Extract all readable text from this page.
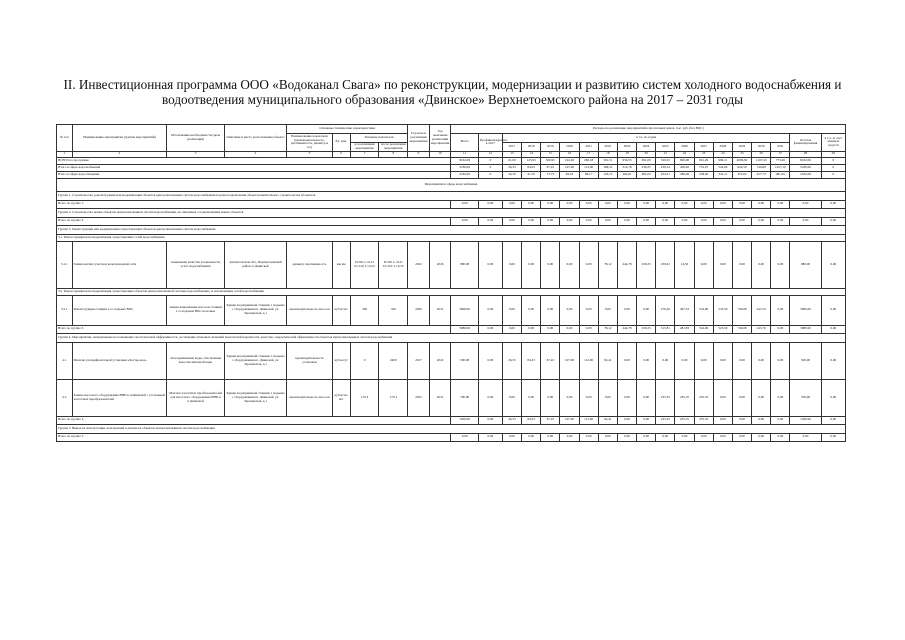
II. Инвестиционная программа ООО «Водоканал Свага» по реконструкции, модернизации и развитию систем холодного водоснабжения и
водоотведения муниципального образования «Двинское» Верхнетоемского района на 2017 – 2031 годы
№ п/п	Наименование мероприятия (группы мероприятий)	Обоснование необходимости (цель реализации)	Описание и место расположения объекта	Основные технические характеристики				Год начала реализации мероприятия	Год окончания реализации мероприятия	Расходы на реализацию мероприятий в прогнозных ценах, тыс. руб. (без НДС)																		
				Наименование показателя (производительность, протяженность, диаметр и т.п.)	Ед. изм.	Значение показателя				Всего	Профинансировано к 2017	в т.ч. по годам															Остаток финансирования	в т.ч. за счет заемных средств
						до реализации мероприятия	после реализации мероприятия					2017	2018	2019	2020	2021	2022	2023	2024	2025	2026	2027	2028	2029	2030	2031		
1	2	3	4	5	6	7	8	9	10	11	12	13	14	15	16	17	18	19	20	21	22	23	24	25	26	27	28	29
ВСЕГО по программе										8162,09	0	61,09	125,93	300,95	192,20	260,18	391,51	656,55	691,00	520,25	996,00	991,29	996,11	4096,82	1107,43	773,49	8162,09	0
Итого в сфере водоснабжения										5180,00	0	26,33	84,23	67,22	107,00	112,00	168,52	314,78	239,25	239,54	436,62	752,97	524,00	624,50	749,68	1457,10	5180,00	0
Итого в сфере водоотведения										2182,09	0	34,76	41,70	73,73	84,10	80,17	126,72	162,01	481,02	224,21	286,40	238,40	341,11	472,02	427,73	481,45	2182,09	0
Мероприятия в сфере водоснабжения																												
Группа 1. Строительство, реконструкция или модернизация объектов централизованных систем водоснабжения в целях подключения объектов капитального строительства абонентов																												
Всего по группе 1.										0,00	0,00	0,00	0,00	0,00	0,00	0,00	0,00	0,00	0,00	0,00	0,00	0,00	0,00	0,00	0,00	0,00	0,00	0,00
Группа 2. Строительство новых объектов централизованных систем водоснабжения, не связанных с подключением новых объектов																												
Всего по группе 2.										0,00	0,00	0,00	0,00	0,00	0,00	0,00	0,00	0,00	0,00	0,00	0,00	0,00	0,00	0,00	0,00	0,00	0,00	0,00
Группа 3. Реконструкция или модернизация существующих объектов централизованных систем водоснабжения																												
3.1. Реконструкция или модернизация существующих сетей водоснабжения																												
3.1.1	Замена ветхих участков водопроводной сети	повышение качества и надежности услуг водоснабжения	Архангельская обл., Верхнетоемский район, п.Двинской	диаметр протяженность	мм км	D=90; L=0,21 D=110; L=0,25	D=90; L=0,21 D=110; L=0,25	2022	2026	980,00	0,00	0,00	0,00	0,00	0,00	0,00	78,12	244,78	239,25	239,61	14,30	0,00	0,00	0,00	0,00	0,00	980,00	0,00
3.2. Реконструкция или модернизация существующих объектов централизованной системы водоснабжения, за исключением сетей водоснабжения																												
3.2.1	Реконструкция станции 1-го подъема ВОС	замена изношенных насосов станции 1-го подъема ВОС на новые	Здание водоприемной станции 1 подъема с оборудованием п. Двинской, ул. Зареченская, д.1	производительность насосов	куб.м/час	330	330	2026	2031	3000,00	0,00	0,00	0,00	0,00	0,00	0,00	0,00	0,00	0,00	276,20	467,53	524,00	523,50	749,68	245,70	0,00	3000,00	0,00
Всего по группе 3.										3980,00	0,00	0,00	0,00	0,00	0,00	0,00	78,12	244,78	239,25	515,81	481,83	524,00	523,50	749,68	245,70	0,00	3980,00	0,00
Группа 4. Мероприятия, направленные на повышение экологической эффективности, достижение плановых значений показателей надежности, качества, энергетической эффективности объектов централизованных систем водоснабжения																												
4.1	Монтаж ультрафиолетовой установки «Честер-вод»	обеззараживание воды, обеспечение качества питьевой воды	Здание водоприемной станции 1 подъема с оборудованием п. Двинской, ул. Зареченская, д.1	производительность установки	куб.м/сут	0	2400	2017	2022	500,00	0,00	26,33	84,23	67,22	107,00	112,00	92,41	0,00	0,00	0,00	0,00	0,00	0,00	0,00	0,00	0,00	500,00	0,00
4.2	Замена насосного оборудования ВНП в п.Двинской с установкой частотных преобразователей	Монтаж частотных преобразователей для насосного оборудования ВНП в п.Двинской	Здание водоприемной станции 1 подъема с оборудованием п. Двинской, ул. Зареченская, д.1	производительность насосов	куб.м/час шт.	170 4	170 4	2025	2031	700,00	0,00	0,00	0,00	0,00	0,00	0,00	0,00	0,00	0,00	235,35	235,35	235,35	0,00	0,00	0,00	0,00	700,00	0,00
Всего по группе 4.										1200,00	0,00	26,33	84,23	67,22	107,00	112,00	92,41	0,00	0,00	235,35	235,35	235,35	0,00	0,00	0,00	0,00	1200,00	0,00
Группа 5. Вывод из эксплуатации, консервация и демонтаж объектов централизованных систем водоснабжения																												
Всего по группе 5.										0,00	0,00	0,00	0,00	0,00	0,00	0,00	0,00	0,00	0,00	0,00	0,00	0,00	0,00	0,00	0,00	0,00	0,00	0,00
